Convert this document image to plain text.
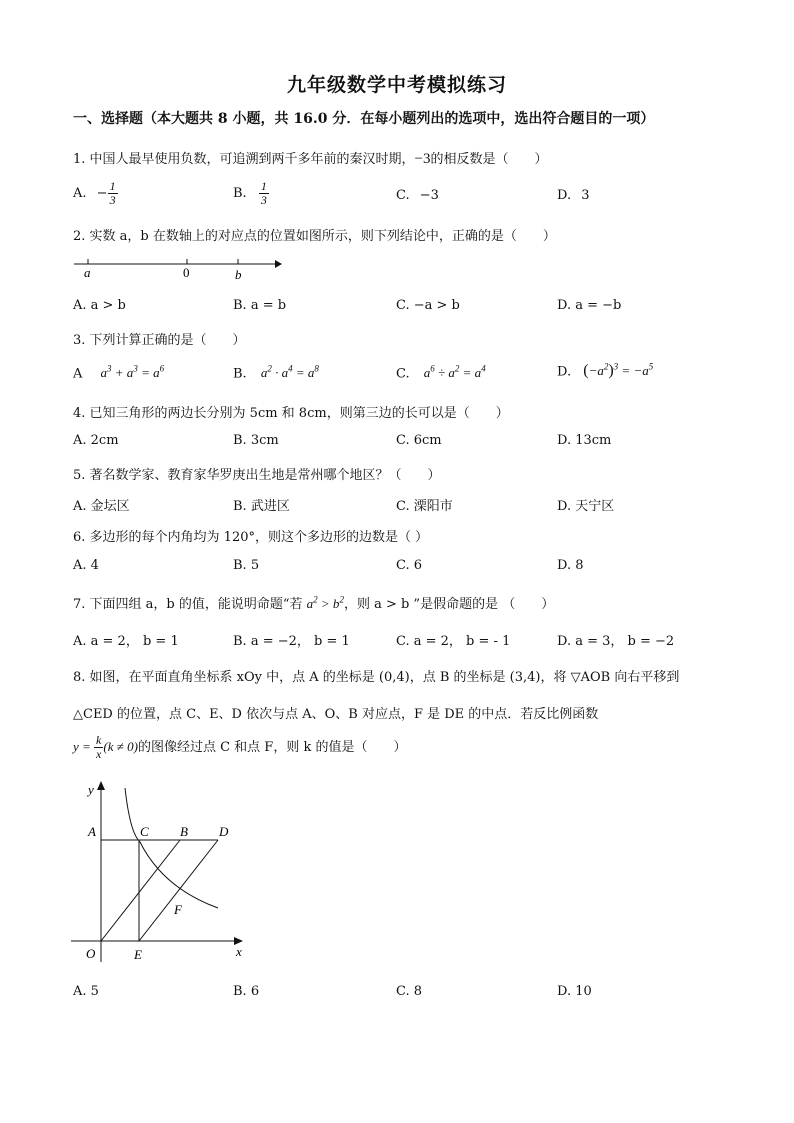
九年级数学中考模拟练习
一、选择题（本大题共 8 小题，共 16.0 分．在每小题列出的选项中，选出符合题目的一项）
1. 中国人最早使用负数，可追溯到两千多年前的秦汉时期，−3的相反数是（　　）
A. − $\frac{1}{3}$	B. $\frac{1}{3}$	C. −3	D. 3
2. 实数 a，b 在数轴上的对应点的位置如图所示，则下列结论中，正确的是（　　）
a	0	b
A. a > b	B. a = b	C. −a > b	D. a = −b
3. 下列计算正确的是（　　）
A $a^3 + a^3 = a^6$	B. $a^2 \cdot a^4 = a^8$	C. $a^6 \div a^2 = a^4$	D. $(-a^2)^3 = -a^5$
4. 已知三角形的两边长分别为 5cm 和 8cm，则第三边的长可以是（　　）
A. 2cm	B. 3cm	C. 6cm	D. 13cm
5. 著名数学家、教育家华罗庚出生地是常州哪个地区？（　　）
A. 金坛区	B. 武进区	C. 溧阳市	D. 天宁区
6. 多边形的每个内角均为 120°，则这个多边形的边数是（ ）
A. 4	B. 5	C. 6	D. 8
7. 下面四组 a，b 的值，能说明命题“若 $a^2 > b^2$，则 a > b ”是假命题的是 （　　）
A. a = 2， b = 1	B. a = −2， b = 1	C. a = 2， b = - 1	D. a = 3， b = −2
8. 如图，在平面直角坐标系 xOy 中，点 A 的坐标是 (0,4)，点 B 的坐标是 (3,4)，将 ▽AOB 向右平移到
△CED 的位置，点 C、E、D 依次与点 A、O、B 对应点，F 是 DE 的中点．若反比例函数
$y = \frac{k}{x} (k \ne 0)$的图像经过点 C 和点 F，则 k 的值是（　　）
y
x
A	C B D
F
O	E
A. 5	B. 6	C. 8	D. 10
